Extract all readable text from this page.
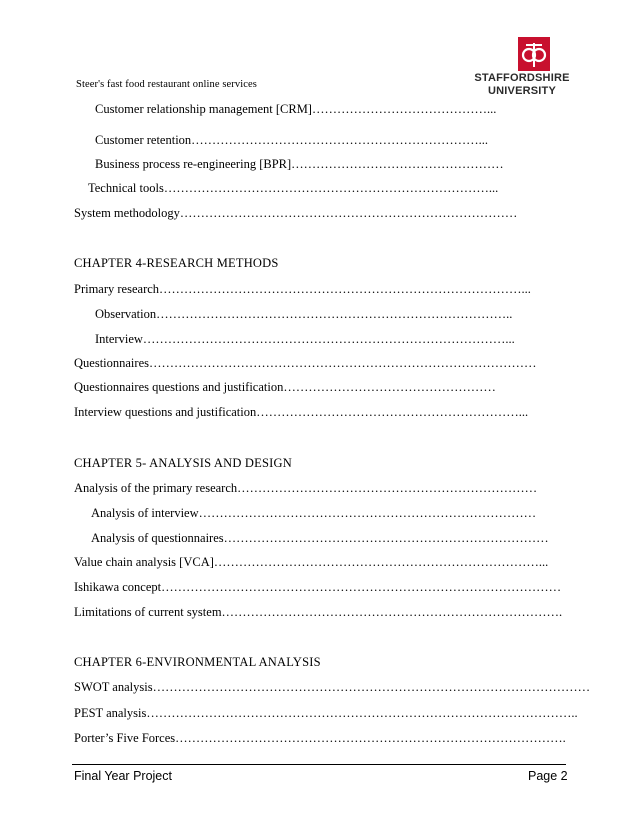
Steer's fast food restaurant online services
STAFFORDSHIRE
UNIVERSITY
Customer relationship management [CRM]……………………………………...
Customer retention……………………………………………………………...
Business process re-engineering [BPR]……………………………………………
Technical tools……………………………………………………………………...
System methodology………………………………………………………………………
CHAPTER 4-RESEARCH METHODS
Primary research……………………………………………………………………………...
Observation…………………………………………………………………………..
Interview……………………………………………………………………………...
Questionnaires…………………………………………………………………………………
Questionnaires questions and justification……………………………………………
Interview questions and justification………………………………………………………...
CHAPTER 5- ANALYSIS AND DESIGN
Analysis of the primary research………………………………………………………………
Analysis of interview………………………………………………………………………
Analysis of questionnaires……………………………………………………………………
Value chain analysis [VCA]……………………………………………………………………...
Ishikawa concept……………………………………………………………………………………
Limitations of current system……………………………………………………………………….
CHAPTER 6-ENVIRONMENTAL ANALYSIS
SWOT analysis……………………………………………………………………………………………
PEST analysis…………………………………………………………………………………………..
Porter’s Five Forces………………………………………………………………………………….
Final Year Project	Page 2
